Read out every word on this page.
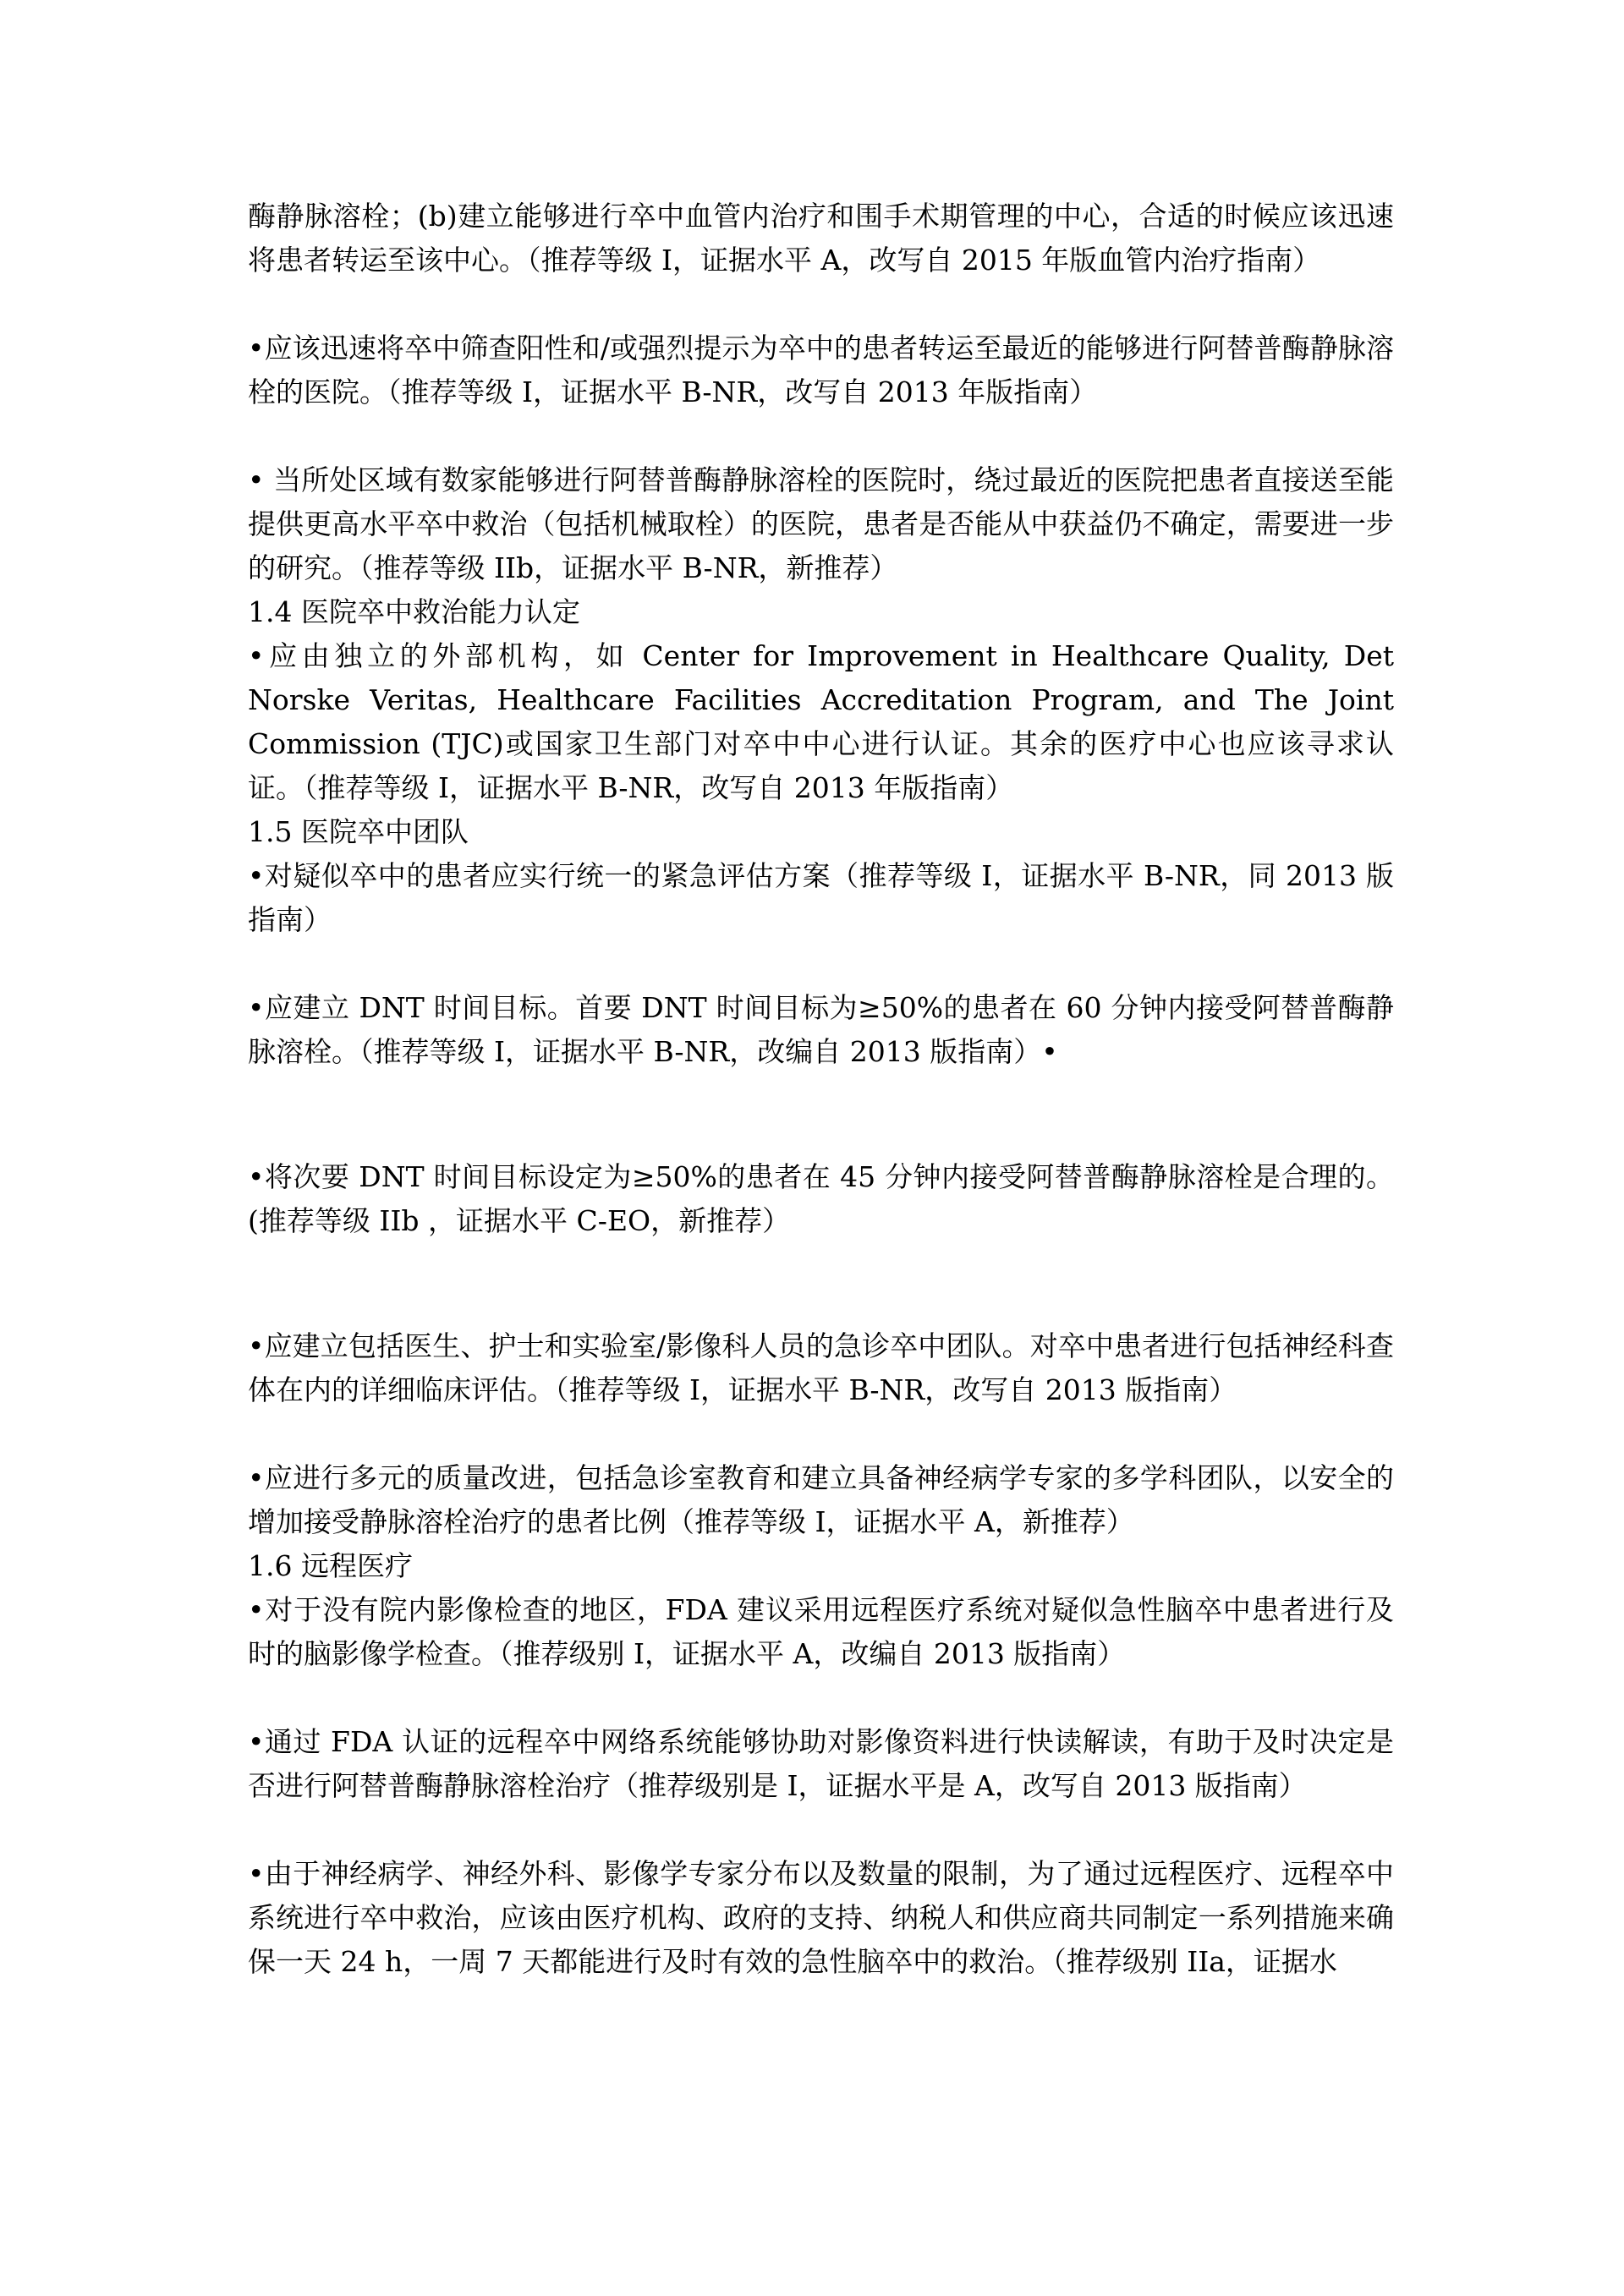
酶静脉溶栓；(b)建立能够进行卒中血管内治疗和围手术期管理的中心，合适的时候应该迅速将患者转运至该中心。（推荐等级 I，证据水平 A，改写自 2015 年版血管内治疗指南）

•应该迅速将卒中筛查阳性和/或强烈提示为卒中的患者转运至最近的能够进行阿替普酶静脉溶栓的医院。（推荐等级 I，证据水平 B-NR，改写自 2013 年版指南）

• 当所处区域有数家能够进行阿替普酶静脉溶栓的医院时，绕过最近的医院把患者直接送至能提供更高水平卒中救治（包括机械取栓）的医院，患者是否能从中获益仍不确定，需要进一步的研究。（推荐等级 IIb，证据水平 B-NR，新推荐）

1.4 医院卒中救治能力认定

•应由独立的外部机构，如 Center for Improvement in Healthcare Quality, Det Norske Veritas, Healthcare Facilities Accreditation Program, and The Joint Commission (TJC)或国家卫生部门对卒中中心进行认证。其余的医疗中心也应该寻求认证。（推荐等级 I，证据水平 B-NR，改写自 2013 年版指南）

1.5 医院卒中团队

•对疑似卒中的患者应实行统一的紧急评估方案（推荐等级 I，证据水平 B-NR，同 2013 版指南）

•应建立 DNT 时间目标。首要 DNT 时间目标为≥50%的患者在 60 分钟内接受阿替普酶静脉溶栓。（推荐等级 I，证据水平 B-NR，改编自 2013 版指南）•

•将次要 DNT 时间目标设定为≥50%的患者在 45 分钟内接受阿替普酶静脉溶栓是合理的。(推荐等级 IIb ，证据水平 C-EO，新推荐）

•应建立包括医生、护士和实验室/影像科人员的急诊卒中团队。对卒中患者进行包括神经科查体在内的详细临床评估。（推荐等级 I，证据水平 B-NR，改写自 2013 版指南）

•应进行多元的质量改进，包括急诊室教育和建立具备神经病学专家的多学科团队，以安全的增加接受静脉溶栓治疗的患者比例（推荐等级 I，证据水平 A，新推荐）

1.6 远程医疗

•对于没有院内影像检查的地区，FDA 建议采用远程医疗系统对疑似急性脑卒中患者进行及时的脑影像学检查。（推荐级别 I，证据水平 A，改编自 2013 版指南）

•通过 FDA 认证的远程卒中网络系统能够协助对影像资料进行快读解读，有助于及时决定是否进行阿替普酶静脉溶栓治疗（推荐级别是 I，证据水平是 A，改写自 2013 版指南）

•由于神经病学、神经外科、影像学专家分布以及数量的限制，为了通过远程医疗、远程卒中系统进行卒中救治，应该由医疗机构、政府的支持、纳税人和供应商共同制定一系列措施来确保一天 24 h，一周 7 天都能进行及时有效的急性脑卒中的救治。（推荐级别 IIa，证据水
